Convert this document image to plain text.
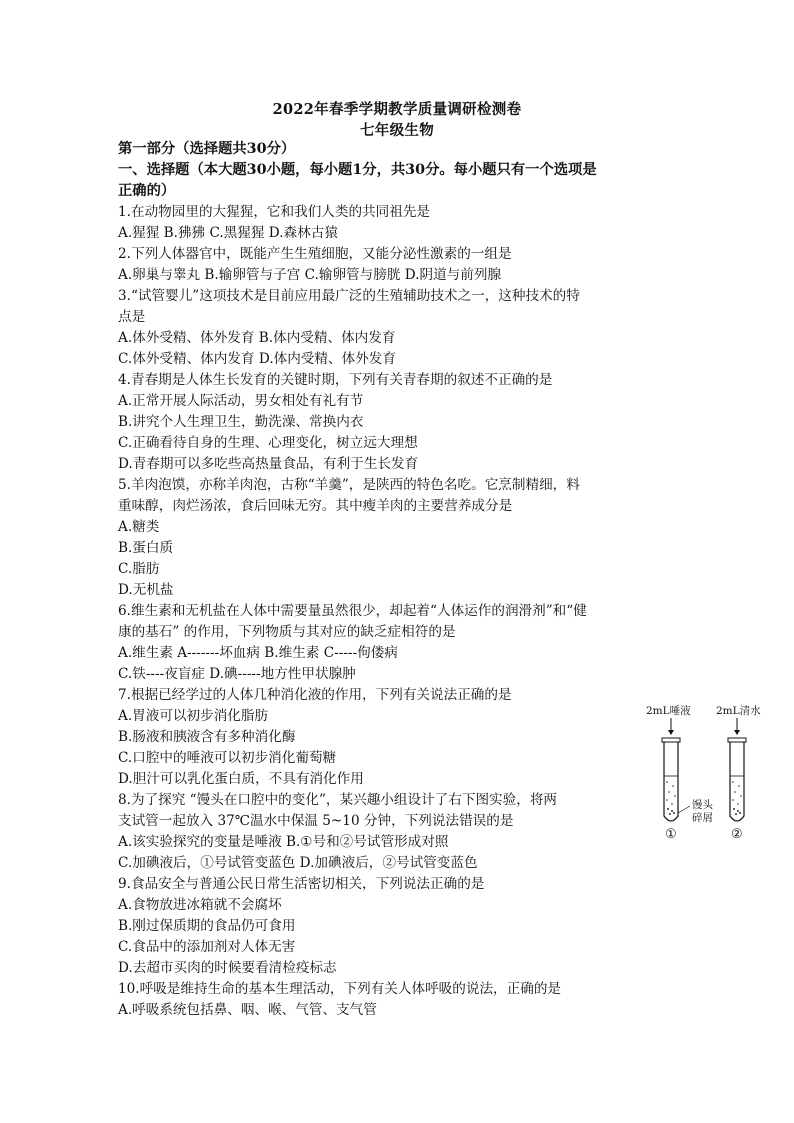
2022年春季学期教学质量调研检测卷
七年级生物
第一部分（选择题共30分）
一、选择题（本大题30小题，每小题1分，共30分。每小题只有一个选项是
正确的）
1.在动物园里的大猩猩，它和我们人类的共同祖先是
A.猩猩 B.狒狒 C.黑猩猩 D.森林古猿
2.下列人体器官中，既能产生生殖细胞，又能分泌性激素的一组是
A.卵巢与睾丸 B.输卵管与子宫 C.输卵管与膀胱 D.阴道与前列腺
3.“试管婴儿”这项技术是目前应用最广泛的生殖辅助技术之一，这种技术的特
点是
A.体外受精、体外发育 B.体内受精、体内发育
C.体外受精、体内发育 D.体内受精、体外发育
4.青春期是人体生长发育的关键时期，下列有关青春期的叙述不正确的是
A.正常开展人际活动，男女相处有礼有节
B.讲究个人生理卫生，勤洗澡、常换内衣
C.正确看待自身的生理、心理变化，树立远大理想
D.青春期可以多吃些高热量食品，有利于生长发育
5.羊肉泡馍，亦称羊肉泡，古称“羊羹”，是陕西的特色名吃。它烹制精细，料
重味醇，肉烂汤浓，食后回味无穷。其中瘦羊肉的主要营养成分是
A.糖类
B.蛋白质
C.脂肪
D.无机盐
6.维生素和无机盐在人体中需要量虽然很少，却起着“人体运作的润滑剂”和“健
康的基石” 的作用，下列物质与其对应的缺乏症相符的是
A.维生素 A-------坏血病 B.维生素 C-----佝偻病
C.铁----夜盲症 D.碘-----地方性甲状腺肿
7.根据已经学过的人体几种消化液的作用，下列有关说法正确的是
A.胃液可以初步消化脂肪
B.肠液和胰液含有多种消化酶
C.口腔中的唾液可以初步消化葡萄糖
D.胆汁可以乳化蛋白质，不具有消化作用
8.为了探究 “馒头在口腔中的变化”，某兴趣小组设计了右下图实验，将两
支试管一起放入 37℃温水中保温 5~10 分钟，下列说法错误的是
A.该实验探究的变量是唾液 B.①号和②号试管形成对照
C.加碘液后，①号试管变蓝色 D.加碘液后，②号试管变蓝色
9.食品安全与普通公民日常生活密切相关，下列说法正确的是
A.食物放进冰箱就不会腐坏
B.刚过保质期的食品仍可食用
C.食品中的添加剂对人体无害
D.去超市买肉的时候要看清检疫标志
10.呼吸是维持生命的基本生理活动，下列有关人体呼吸的说法，正确的是
A.呼吸系统包括鼻、咽、喉、气管、支气管
2mL唾液 2mL清水
馒头
碎屑
①	②
